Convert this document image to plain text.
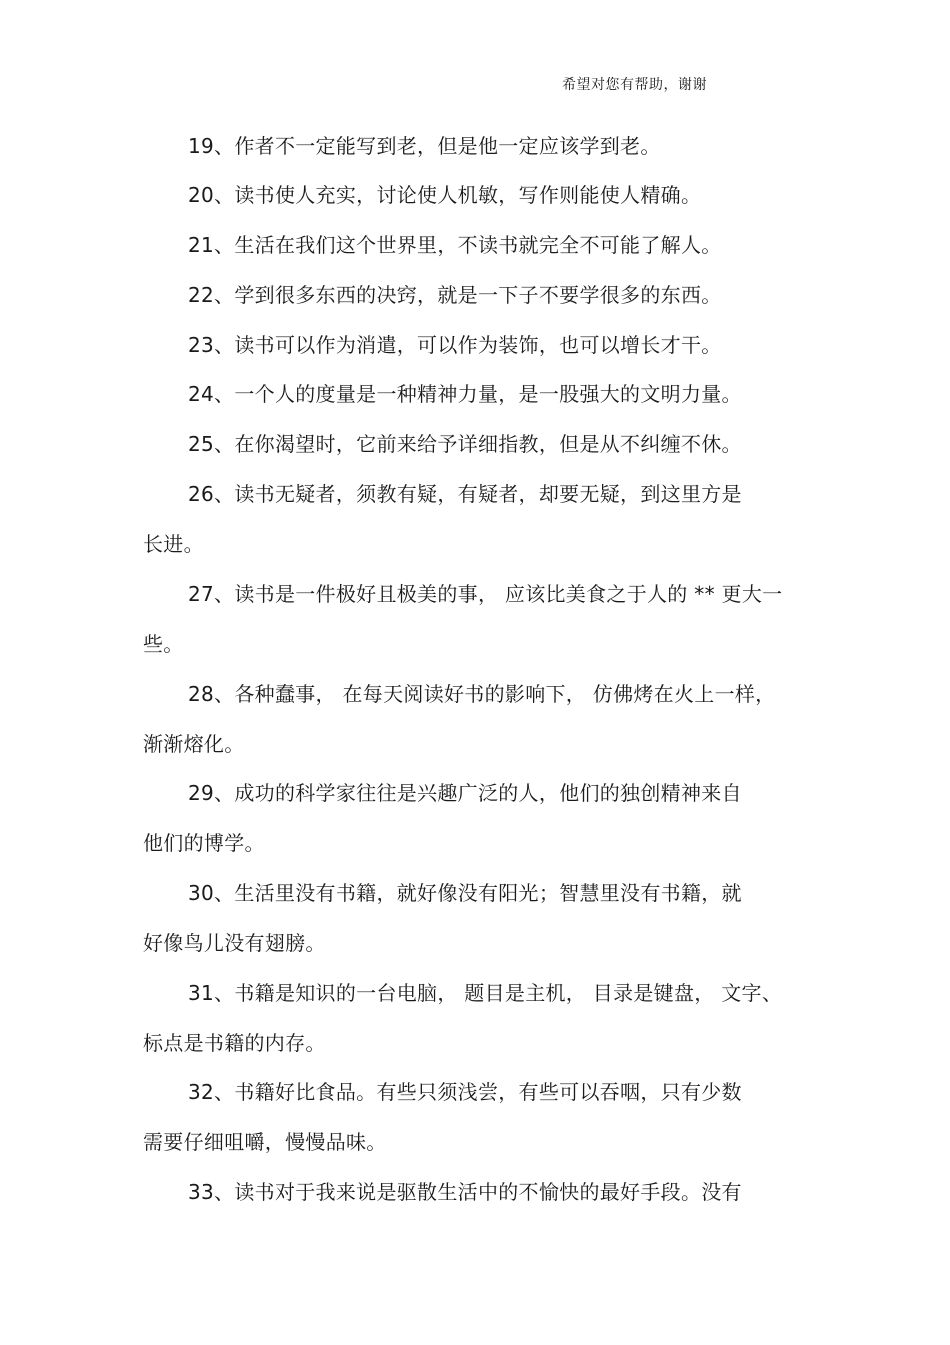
希望对您有帮助，谢谢
19、作者不一定能写到老，但是他一定应该学到老。
20、读书使人充实，讨论使人机敏，写作则能使人精确。
21、生活在我们这个世界里，不读书就完全不可能了解人。
22、学到很多东西的决窍，就是一下子不要学很多的东西。
23、读书可以作为消遣，可以作为装饰，也可以增长才干。
24、一个人的度量是一种精神力量，是一股强大的文明力量。
25、在你渴望时，它前来给予详细指教，但是从不纠缠不休。
26、读书无疑者，须教有疑，有疑者，却要无疑，到这里方是
长进。
27、读书是一件极好且极美的事， 应该比美食之于人的 ** 更大一
些。
28、各种蠢事， 在每天阅读好书的影响下， 仿佛烤在火上一样，
渐渐熔化。
29、成功的科学家往往是兴趣广泛的人，他们的独创精神来自
他们的博学。
30、生活里没有书籍，就好像没有阳光；智慧里没有书籍，就
好像鸟儿没有翅膀。
31、书籍是知识的一台电脑， 题目是主机， 目录是键盘， 文字、
标点是书籍的内存。
32、书籍好比食品。有些只须浅尝，有些可以吞咽，只有少数
需要仔细咀嚼，慢慢品味。
33、读书对于我来说是驱散生活中的不愉快的最好手段。没有
